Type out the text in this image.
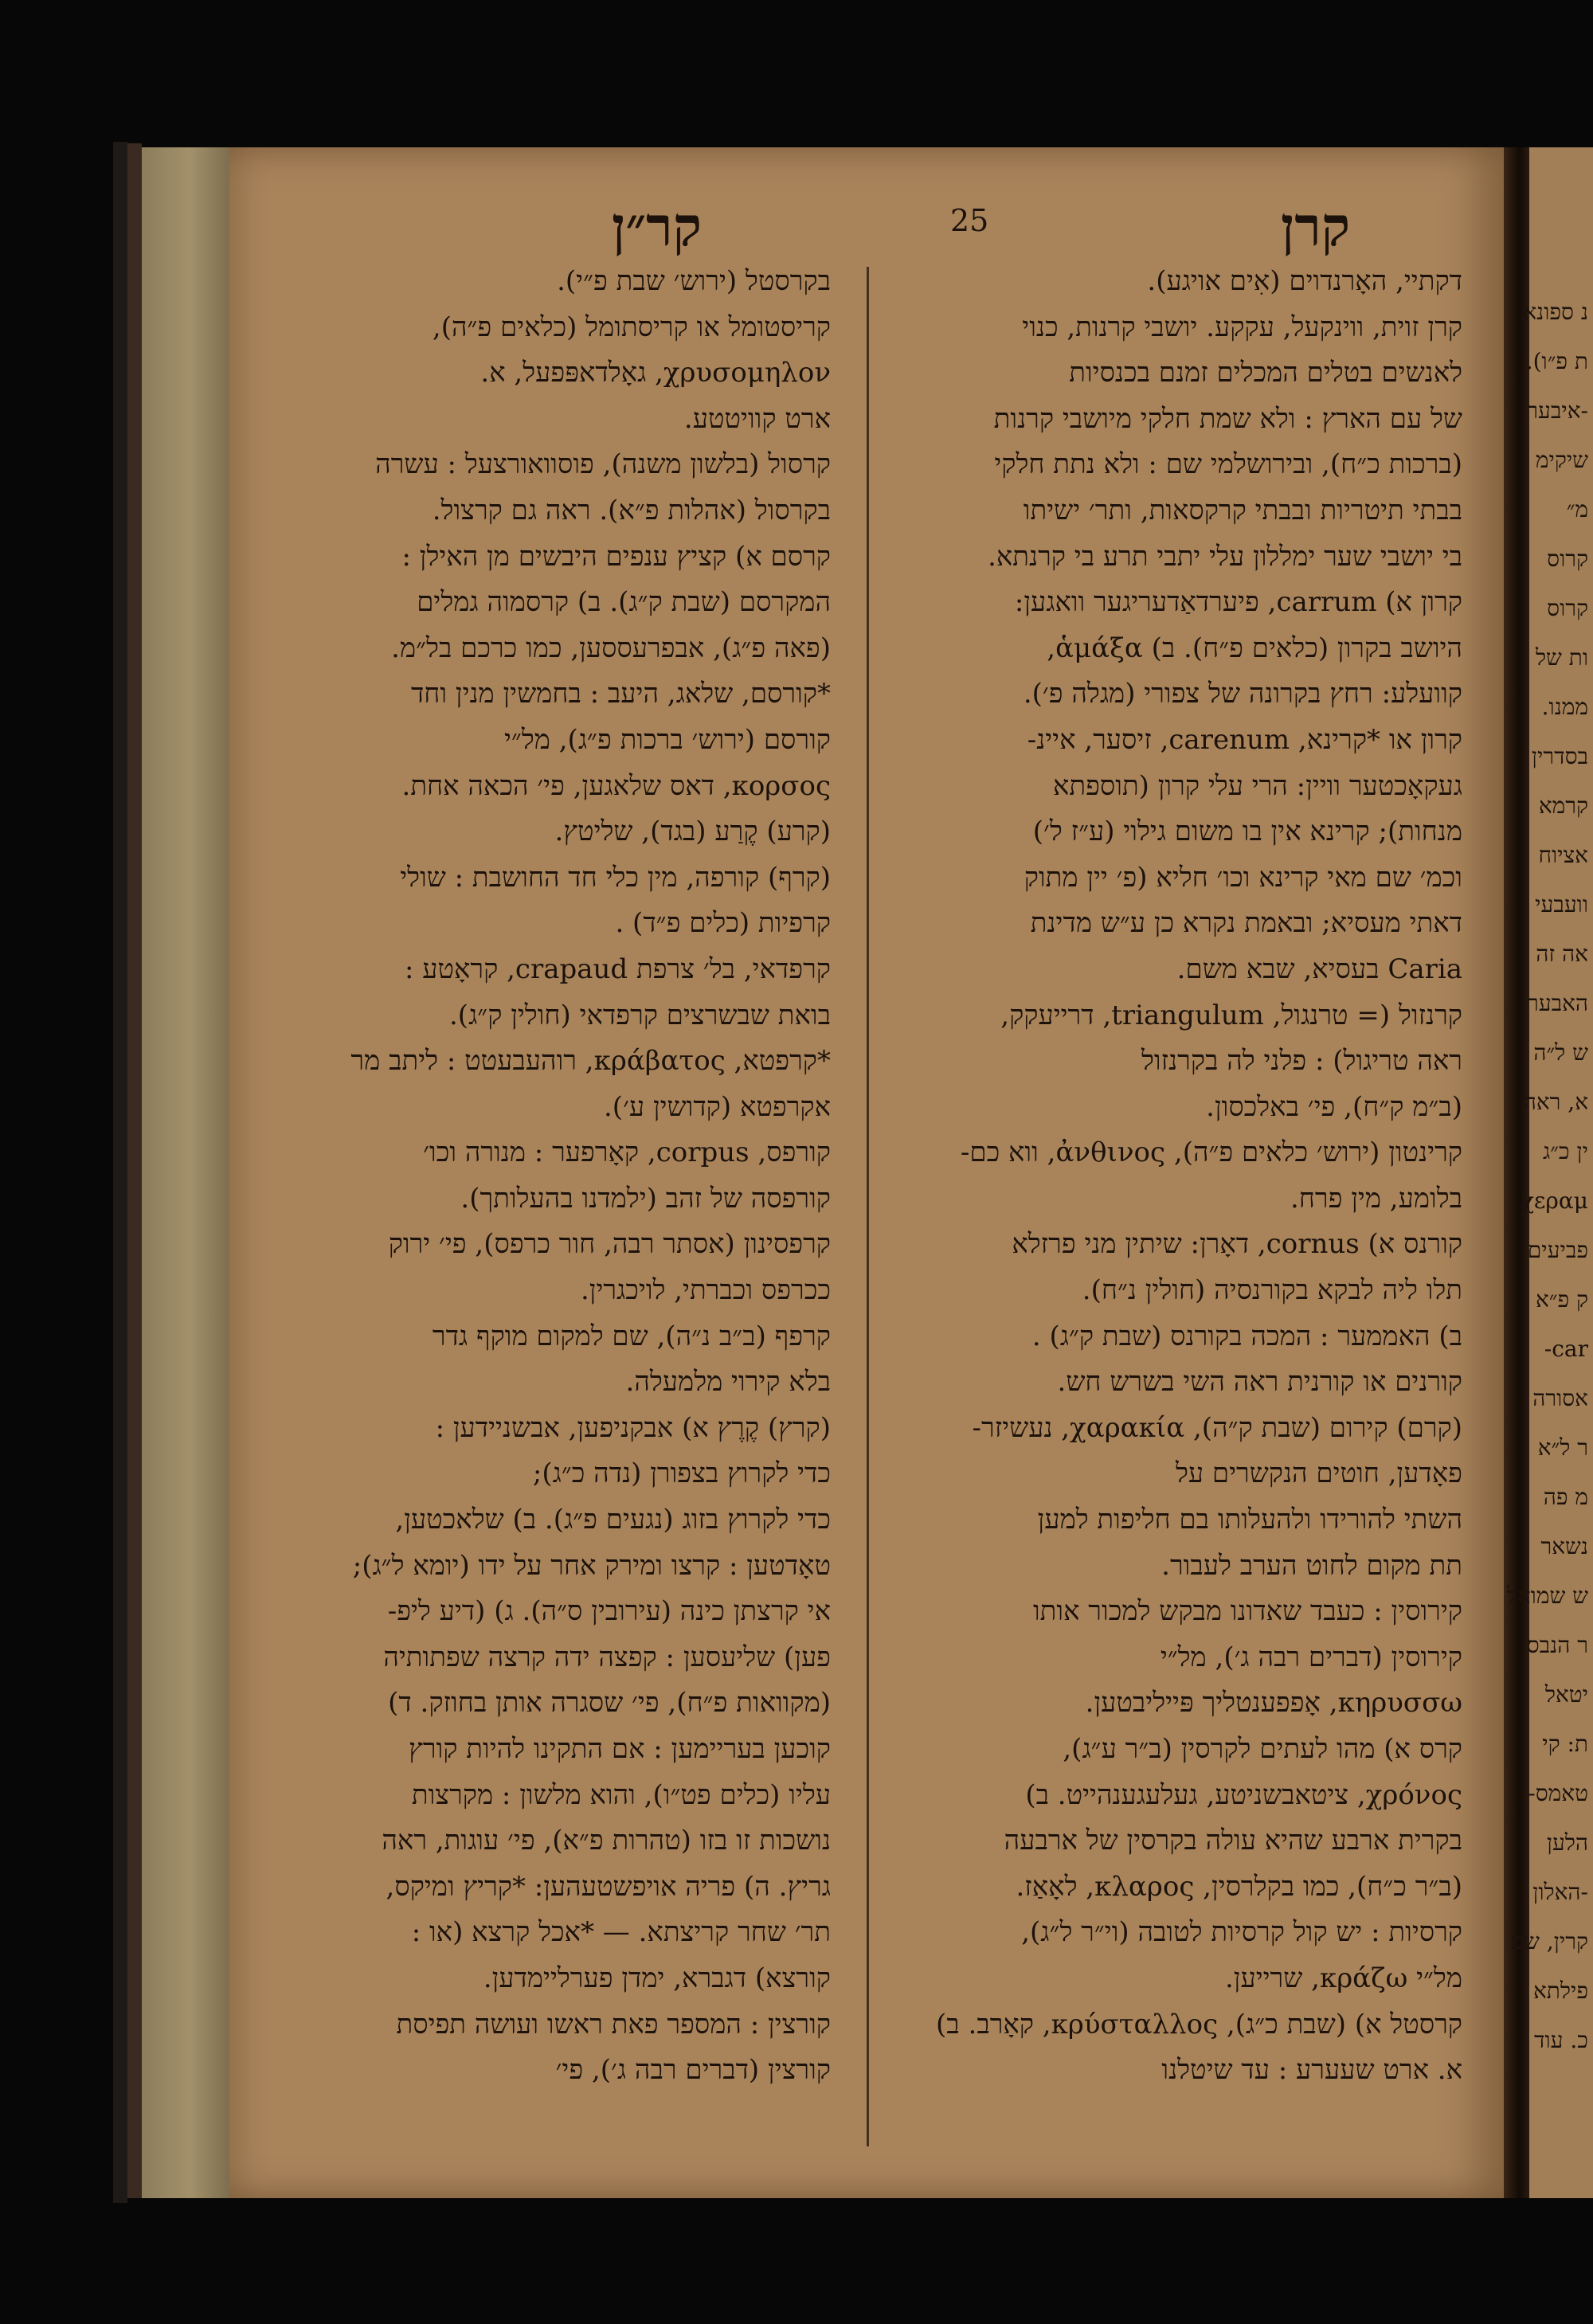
קרן
25
קר״ן
דקתיי, האָרנדוים (אִים אויגע).
קרן זוית, ווינקעל, עקקע. יושבי קרנות, כנוי
לאנשים בטלים המכלים זמנם בכנסיות
של עם הארץ : ולא שמת חלקי מיושבי קרנות
(ברכות כ״ח), ובירושלמי שם : ולא נתת חלקי
בבתי תיטריות ובבתי קרקסאות, ותר׳ ישיתו
בי יושבי שער ימללון עלי יתבי תרע בי קרנתא.
קרון א) carrum, פיערדאַדעריגער וואגען:
היושב בקרון (כלאים פ״ח). ב) ἁμάξα,
קוועלע: רחץ בקרונה של צפורי (מגלה פ׳).
קרון או *קרינא, carenum, זיסער, איינ-
געקאָכטער וויין: הרי עלי קרון (תוספתא
מנחות); קרינא אין בו משום גילוי (ע״ז ל׳)
וכמ׳ שם מאי קרינא וכו׳ חליא (פ׳ יין מתוק
דאתי מעסיא; ובאמת נקרא כן ע״ש מדינת
Caria בעסיא, שבא משם.
קרנזול (= טרנגול, triangulum, דרייעקק,
ראה טריגול) : פלני לה בקרנזול
(ב״מ ק״ח), פי׳ באלכסון.
קרינטון (ירוש׳ כלאים פ״ה), ἀνθινος, ווא כם-
בלומע, מין פרח.
קורנס א) cornus, דאָרן: שיתין מני פרזלא
תלו ליה לבקא בקורנסיה (חולין נ״ח).
ב) האממער : המכה בקורנס (שבת ק״ג) .
קורנים או קורנית ראה השי בשרש חש.
(קרם) קירום (שבת ק״ה), χαρακία, נעשיזר-
פאָדען, חוטים הנקשרים על
השתי להורידו ולהעלותו בם חליפות למען
תת מקום לחוט הערב לעבור.
קירוסין : כעבד שאדונו מבקש למכור אותו
קירוסין (דברים רבה ג׳), מל״י
κηρυσσω, אָפפענטליך פּייליבטען.
קרס א) מהו לעתים לקרסין (ב״ר ע״ג),
χρόνος, ציטאבשניטע, געלעגענהייט. ב)
בקרית ארבע שהיא עולה בקרסין של ארבעה
(ב״ר כ״ח), כמו בקלרסין, κλαρος, לאָאַז.
קרסיות : יש קול קרסיות לטובה (וי״ר ל״ג),
מל״י κράζω, שרייען.
קרסטל א) (שבת כ״ג), κρύσταλλος, קאָרב. ב)
א. ארט שעערע : עד שיטלנו
בקרסטל (ירוש׳ שבת פ״י).
קריסטומל או קריסתומל (כלאים פ״ה),
χρυσομηλον, גאָלדאפּפעל, א.
ארט קוויטטע.
קרסול (בלשון משנה), פוסוואורצעל : עשרה
בקרסול (אהלות פ״א). ראה גם קרצול.
קרסם א) קציץ ענפים היבשים מן האילן :
המקרסם (שבת ק״ג). ב) קרסמוה גמלים
(פאה פ״ג), אבפרעססען, כמו כרכם בל״מ.
*קורסם, שלאג, היעב : בחמשין מנין וחד
קורסם (ירוש׳ ברכות פ״ג), מל״י
κορσος, דאס שלאגען, פי׳ הכאה אחת.
(קרע) קֶרַע (בגד), שליטץ.
(קרף) קורפה, מין כלי חד החושבת : שולי
קרפיות (כלים פ״ד) .
קרפדאי, בל׳ צרפת crapaud, קראָטע :
בואת שבשרצים קרפדאי (חולין ק״ג).
*קרפטא, κράβατος, רוהעבעטט : ליתב מר
אקרפטא (קדושין ע׳).
קורפס, corpus, קאָרפער : מנורה וכו׳
קורפסה של זהב (ילמדנו בהעלותך).
קרפסינון (אסתר רבה, חור כרפס), פי׳ ירוק
ככרפס וכברתי, לויכגרין.
קרפף (ב״ב נ״ה), שם למקום מוקף גדר
בלא קירוי מלמעלה.
(קרץ) קֶרֶץ א) אבקניפען, אבשניידען :
כדי לקרוץ בצפורן (נדה כ״ג);
כדי לקרוץ בזוג (נגעים פ״ג). ב) שלאכטען,
טאָדטען : קרצו ומירק אחר על ידו (יומא ל״ג);
אי קרצתן כינה (עירובין ס״ה). ג) (דיע ליפ-
פען) שליעסען : קפצה ידה קרצה שפתותיה
(מקוואות פ״ח), פי׳ שסגרה אותן בחוזק. ד)
קוכען בעריימען : אם התקינו להיות קורץ
עליו (כלים פט״ו), והוא מלשון : מקרצות
נושכות זו בזו (טהרות פ״א), פי׳ עוגות, ראה
גריץ. ה) פריה אויפשטעהען: *קריץ ומיקס,
תר׳ שחר קריצתא. — *אכל קרצא (או :
קורצא) דגברא, ימדן פערליימדען.
קורצין : המספר פאת ראשו ועושה תפיסת
קורצין (דברים רבה ג׳), פי׳
נ ספונא
ת פ״ו).
-איבער-
שיקימ
מ״
קרוס
קרוס
ות של
ממנו.
בסדרין
קרמא
אציוח
וועבעי
אה זה
האבער
ש ל״ה
א, ראה
ין כ״ג
χεραμ
פביעים
ק פ״א
car-
אסורה
ר ל״א
מ פה
נשאר
ש שמואל
ר הנבס
יטאל
ת: קי
טאמס-
הלען
-האלון
קרין, שם
פילתא
כ. עוד
